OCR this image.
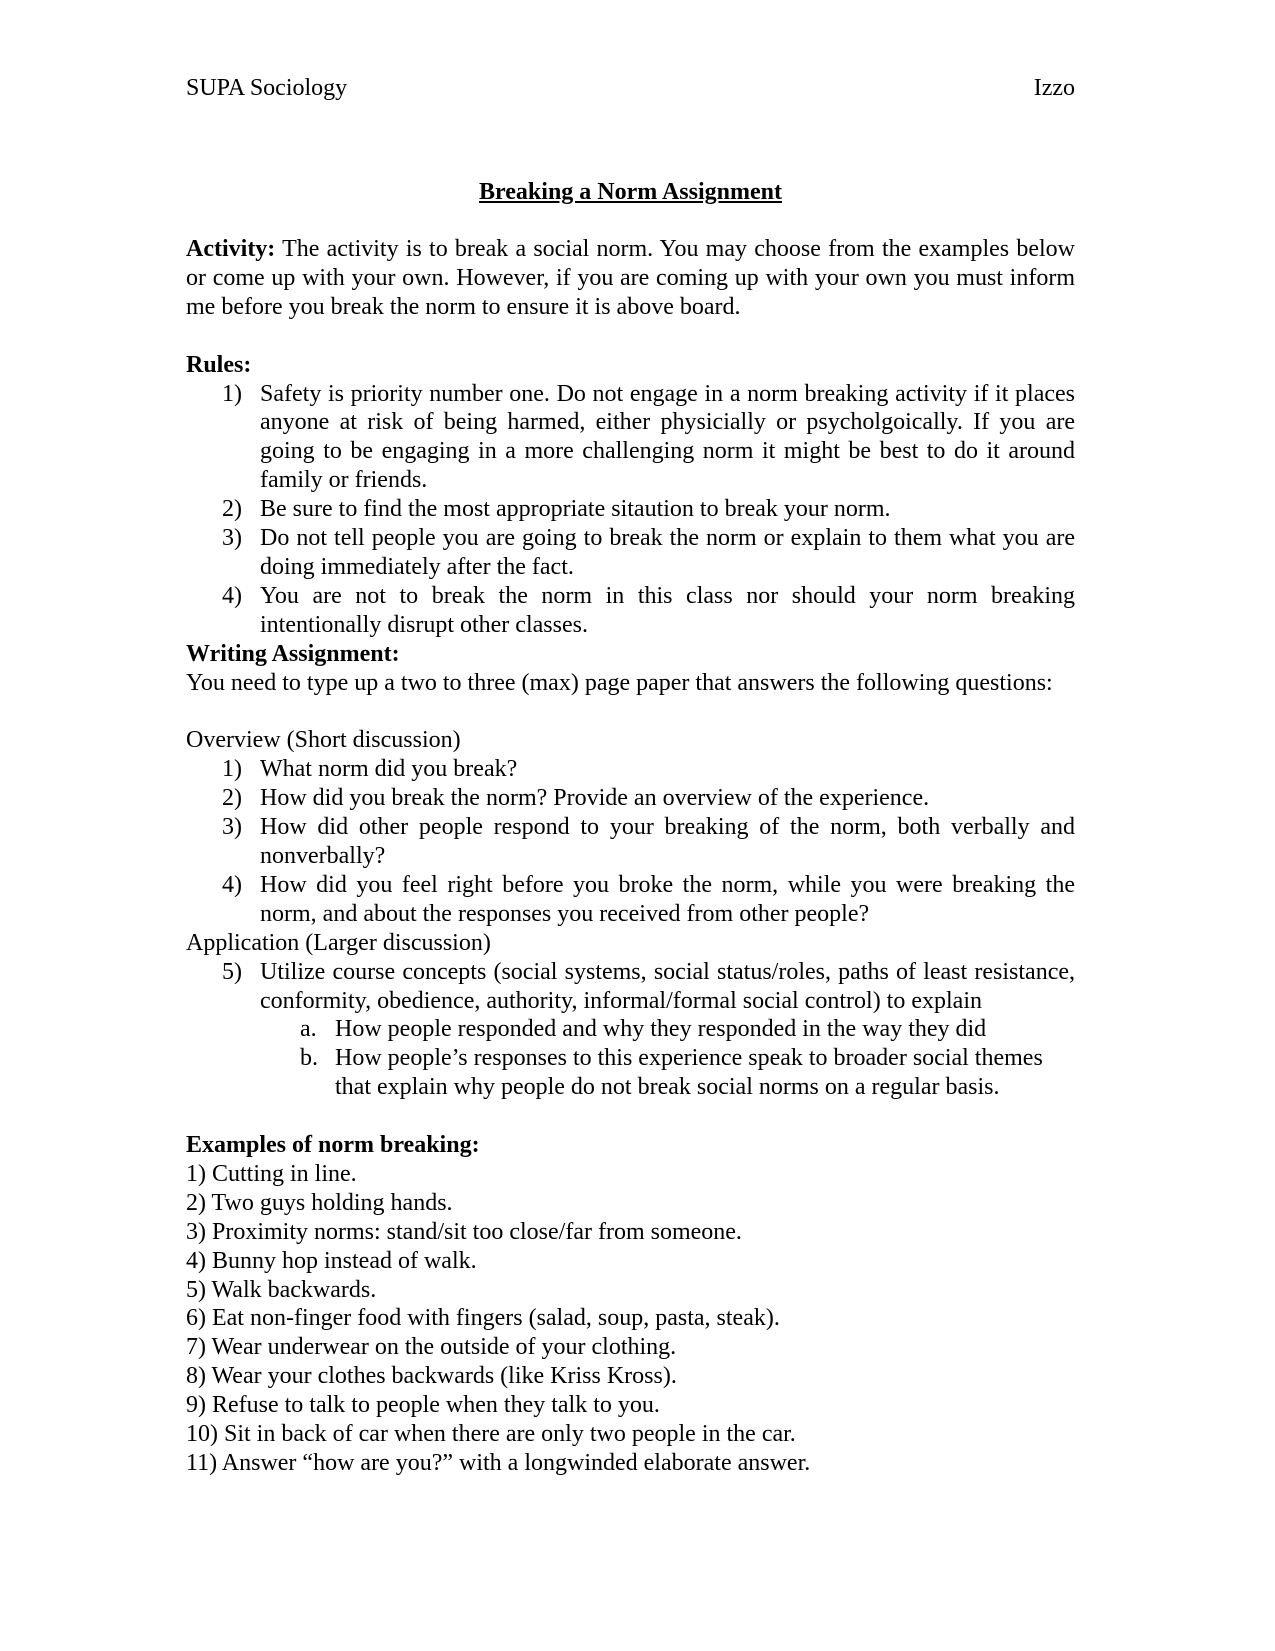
SUPA Sociology	Izzo
Breaking a Norm Assignment
Activity: The activity is to break a social norm. You may choose from the examples below or come up with your own. However, if you are coming up with your own you must inform me before you break the norm to ensure it is above board.
Rules:
1) Safety is priority number one. Do not engage in a norm breaking activity if it places anyone at risk of being harmed, either physicially or psycholgoically. If you are going to be engaging in a more challenging norm it might be best to do it around family or friends.
2) Be sure to find the most appropriate sitaution to break your norm.
3) Do not tell people you are going to break the norm or explain to them what you are doing immediately after the fact.
4) You are not to break the norm in this class nor should your norm breaking intentionally disrupt other classes.
Writing Assignment:
You need to type up a two to three (max) page paper that answers the following questions:
Overview (Short discussion)
1) What norm did you break?
2) How did you break the norm? Provide an overview of the experience.
3) How did other people respond to your breaking of the norm, both verbally and nonverbally?
4) How did you feel right before you broke the norm, while you were breaking the norm, and about the responses you received from other people?
Application (Larger discussion)
5) Utilize course concepts (social systems, social status/roles, paths of least resistance, conformity, obedience, authority, informal/formal social control) to explain
a. How people responded and why they responded in the way they did
b. How people’s responses to this experience speak to broader social themes that explain why people do not break social norms on a regular basis.
Examples of norm breaking:
1) Cutting in line.
2) Two guys holding hands.
3) Proximity norms: stand/sit too close/far from someone.
4) Bunny hop instead of walk.
5) Walk backwards.
6) Eat non-finger food with fingers (salad, soup, pasta, steak).
7) Wear underwear on the outside of your clothing.
8) Wear your clothes backwards (like Kriss Kross).
9) Refuse to talk to people when they talk to you.
10) Sit in back of car when there are only two people in the car.
11) Answer “how are you?” with a longwinded elaborate answer.
